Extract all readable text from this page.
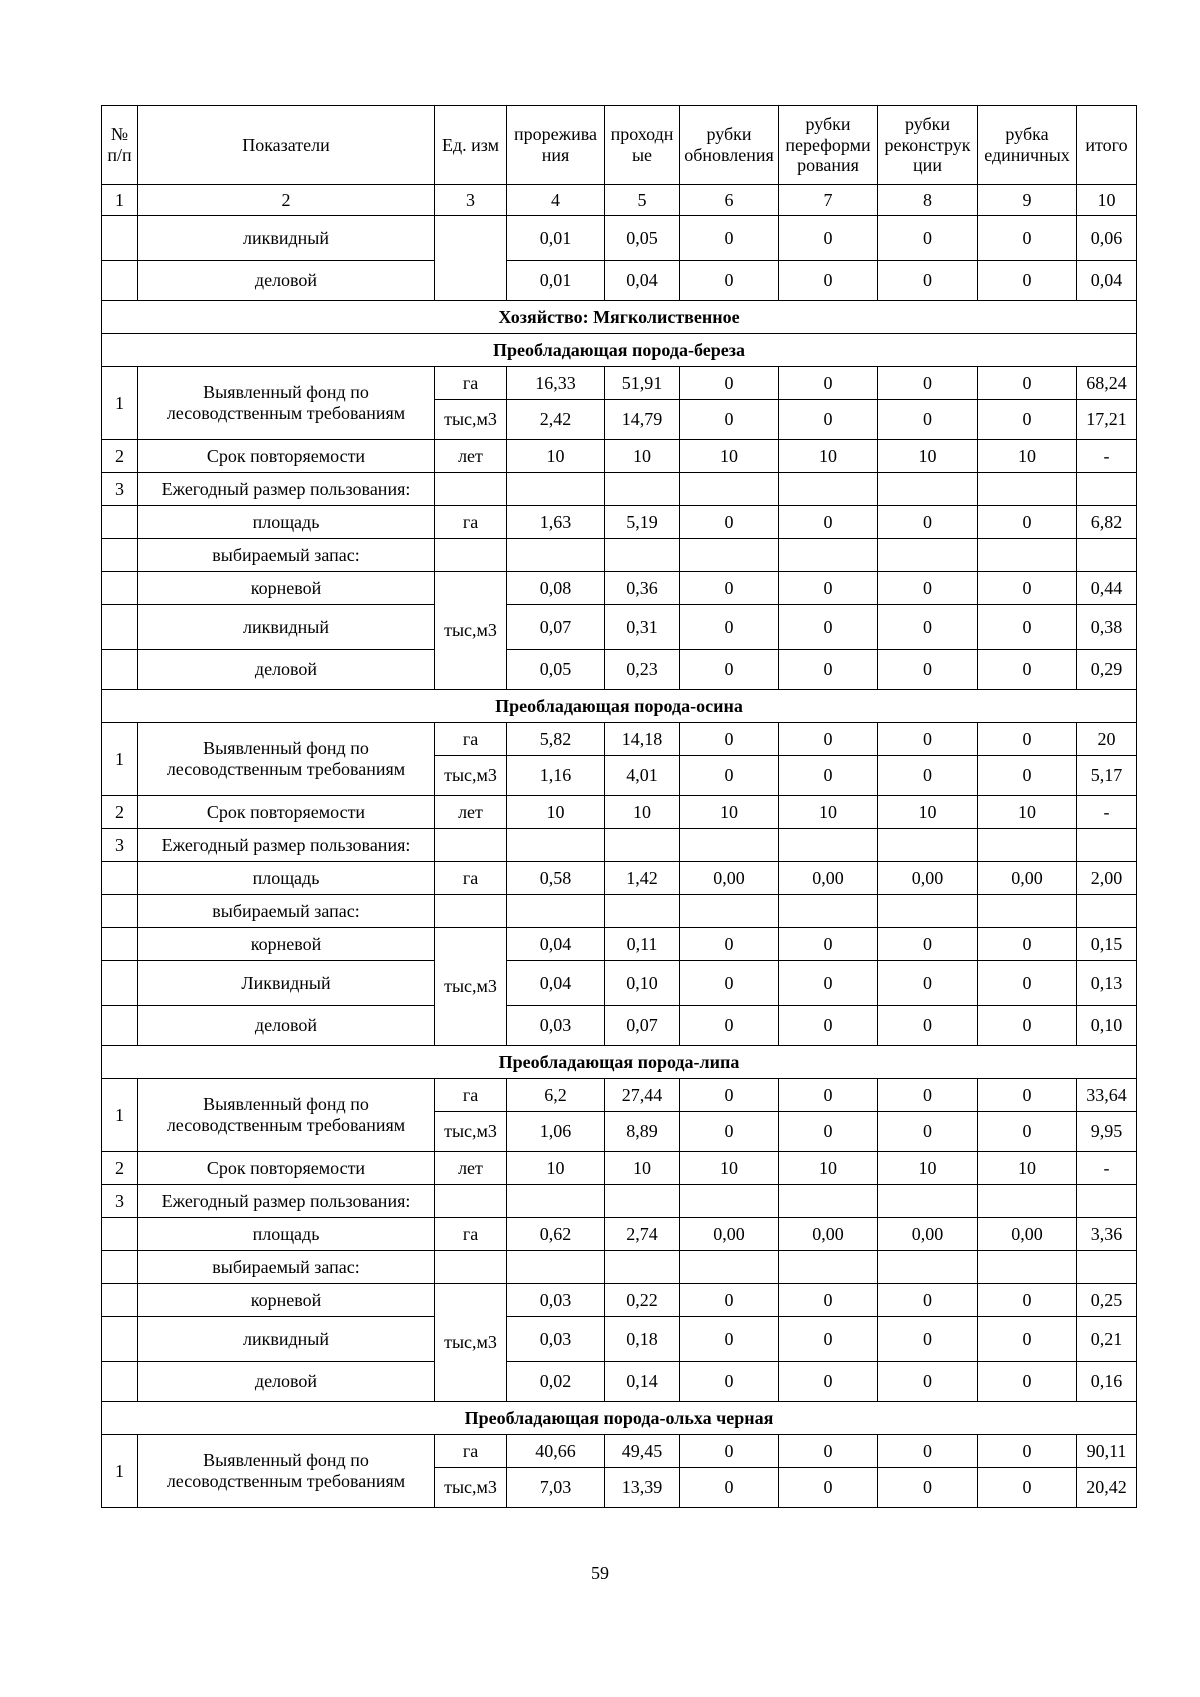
№ п/п	Показатели	Ед. изм	прорежива ния	проходн ые	рубки обновления	рубки переформи рования	рубки реконструк ции	рубка единичных	итого
1	2	3	4	5	6	7	8	9	10
	ликвидный		0,01	0,05	0	0	0	0	0,06
	деловой		0,01	0,04	0	0	0	0	0,04
Хозяйство: Мягколиственное									
Преобладающая порода-береза									
1	Выявленный фонд по лесоводственным требованиям	га	16,33	51,91	0	0	0	0	68,24
		тыс,м3	2,42	14,79	0	0	0	0	17,21
2	Срок повторяемости	лет	10	10	10	10	10	10	-
3	Ежегодный размер пользования:								
	площадь	га	1,63	5,19	0	0	0	0	6,82
	выбираемый запас:								
	корневой	тыс,м3	0,08	0,36	0	0	0	0	0,44
	ликвидный		0,07	0,31	0	0	0	0	0,38
	деловой		0,05	0,23	0	0	0	0	0,29
Преобладающая порода-осина									
1	Выявленный фонд по лесоводственным требованиям	га	5,82	14,18	0	0	0	0	20
		тыс,м3	1,16	4,01	0	0	0	0	5,17
2	Срок повторяемости	лет	10	10	10	10	10	10	-
3	Ежегодный размер пользования:								
	площадь	га	0,58	1,42	0,00	0,00	0,00	0,00	2,00
	выбираемый запас:								
	корневой	тыс,м3	0,04	0,11	0	0	0	0	0,15
	Ликвидный		0,04	0,10	0	0	0	0	0,13
	деловой		0,03	0,07	0	0	0	0	0,10
Преобладающая порода-липа									
1	Выявленный фонд по лесоводственным требованиям	га	6,2	27,44	0	0	0	0	33,64
		тыс,м3	1,06	8,89	0	0	0	0	9,95
2	Срок повторяемости	лет	10	10	10	10	10	10	-
3	Ежегодный размер пользования:								
	площадь	га	0,62	2,74	0,00	0,00	0,00	0,00	3,36
	выбираемый запас:								
	корневой	тыс,м3	0,03	0,22	0	0	0	0	0,25
	ликвидный		0,03	0,18	0	0	0	0	0,21
	деловой		0,02	0,14	0	0	0	0	0,16
Преобладающая порода-ольха черная									
1	Выявленный фонд по лесоводственным требованиям	га	40,66	49,45	0	0	0	0	90,11
		тыс,м3	7,03	13,39	0	0	0	0	20,42
59
